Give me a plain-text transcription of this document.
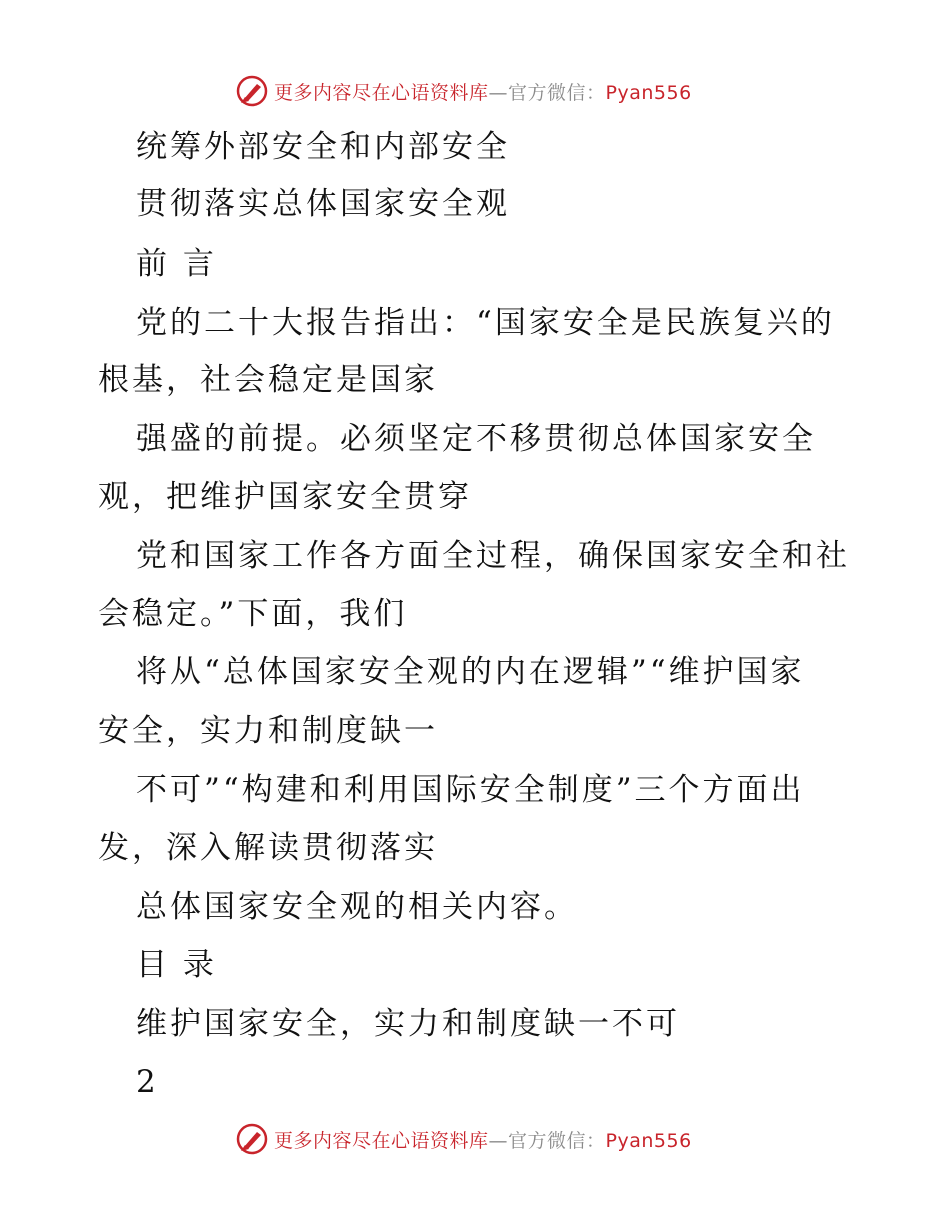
更多内容尽在心语资料库—官方微信：Pyan556
统筹外部安全和内部安全
贯彻落实总体国家安全观
前 言
党的二十大报告指出：“国家安全是民族复兴的
根基，社会稳定是国家
强盛的前提。必须坚定不移贯彻总体国家安全
观，把维护国家安全贯穿
党和国家工作各方面全过程，确保国家安全和社
会稳定。”下面，我们
将从“总体国家安全观的内在逻辑”“维护国家
安全，实力和制度缺一
不可”“构建和利用国际安全制度”三个方面出
发，深入解读贯彻落实
总体国家安全观的相关内容。
目 录
维护国家安全，实力和制度缺一不可
2
更多内容尽在心语资料库—官方微信：Pyan556
